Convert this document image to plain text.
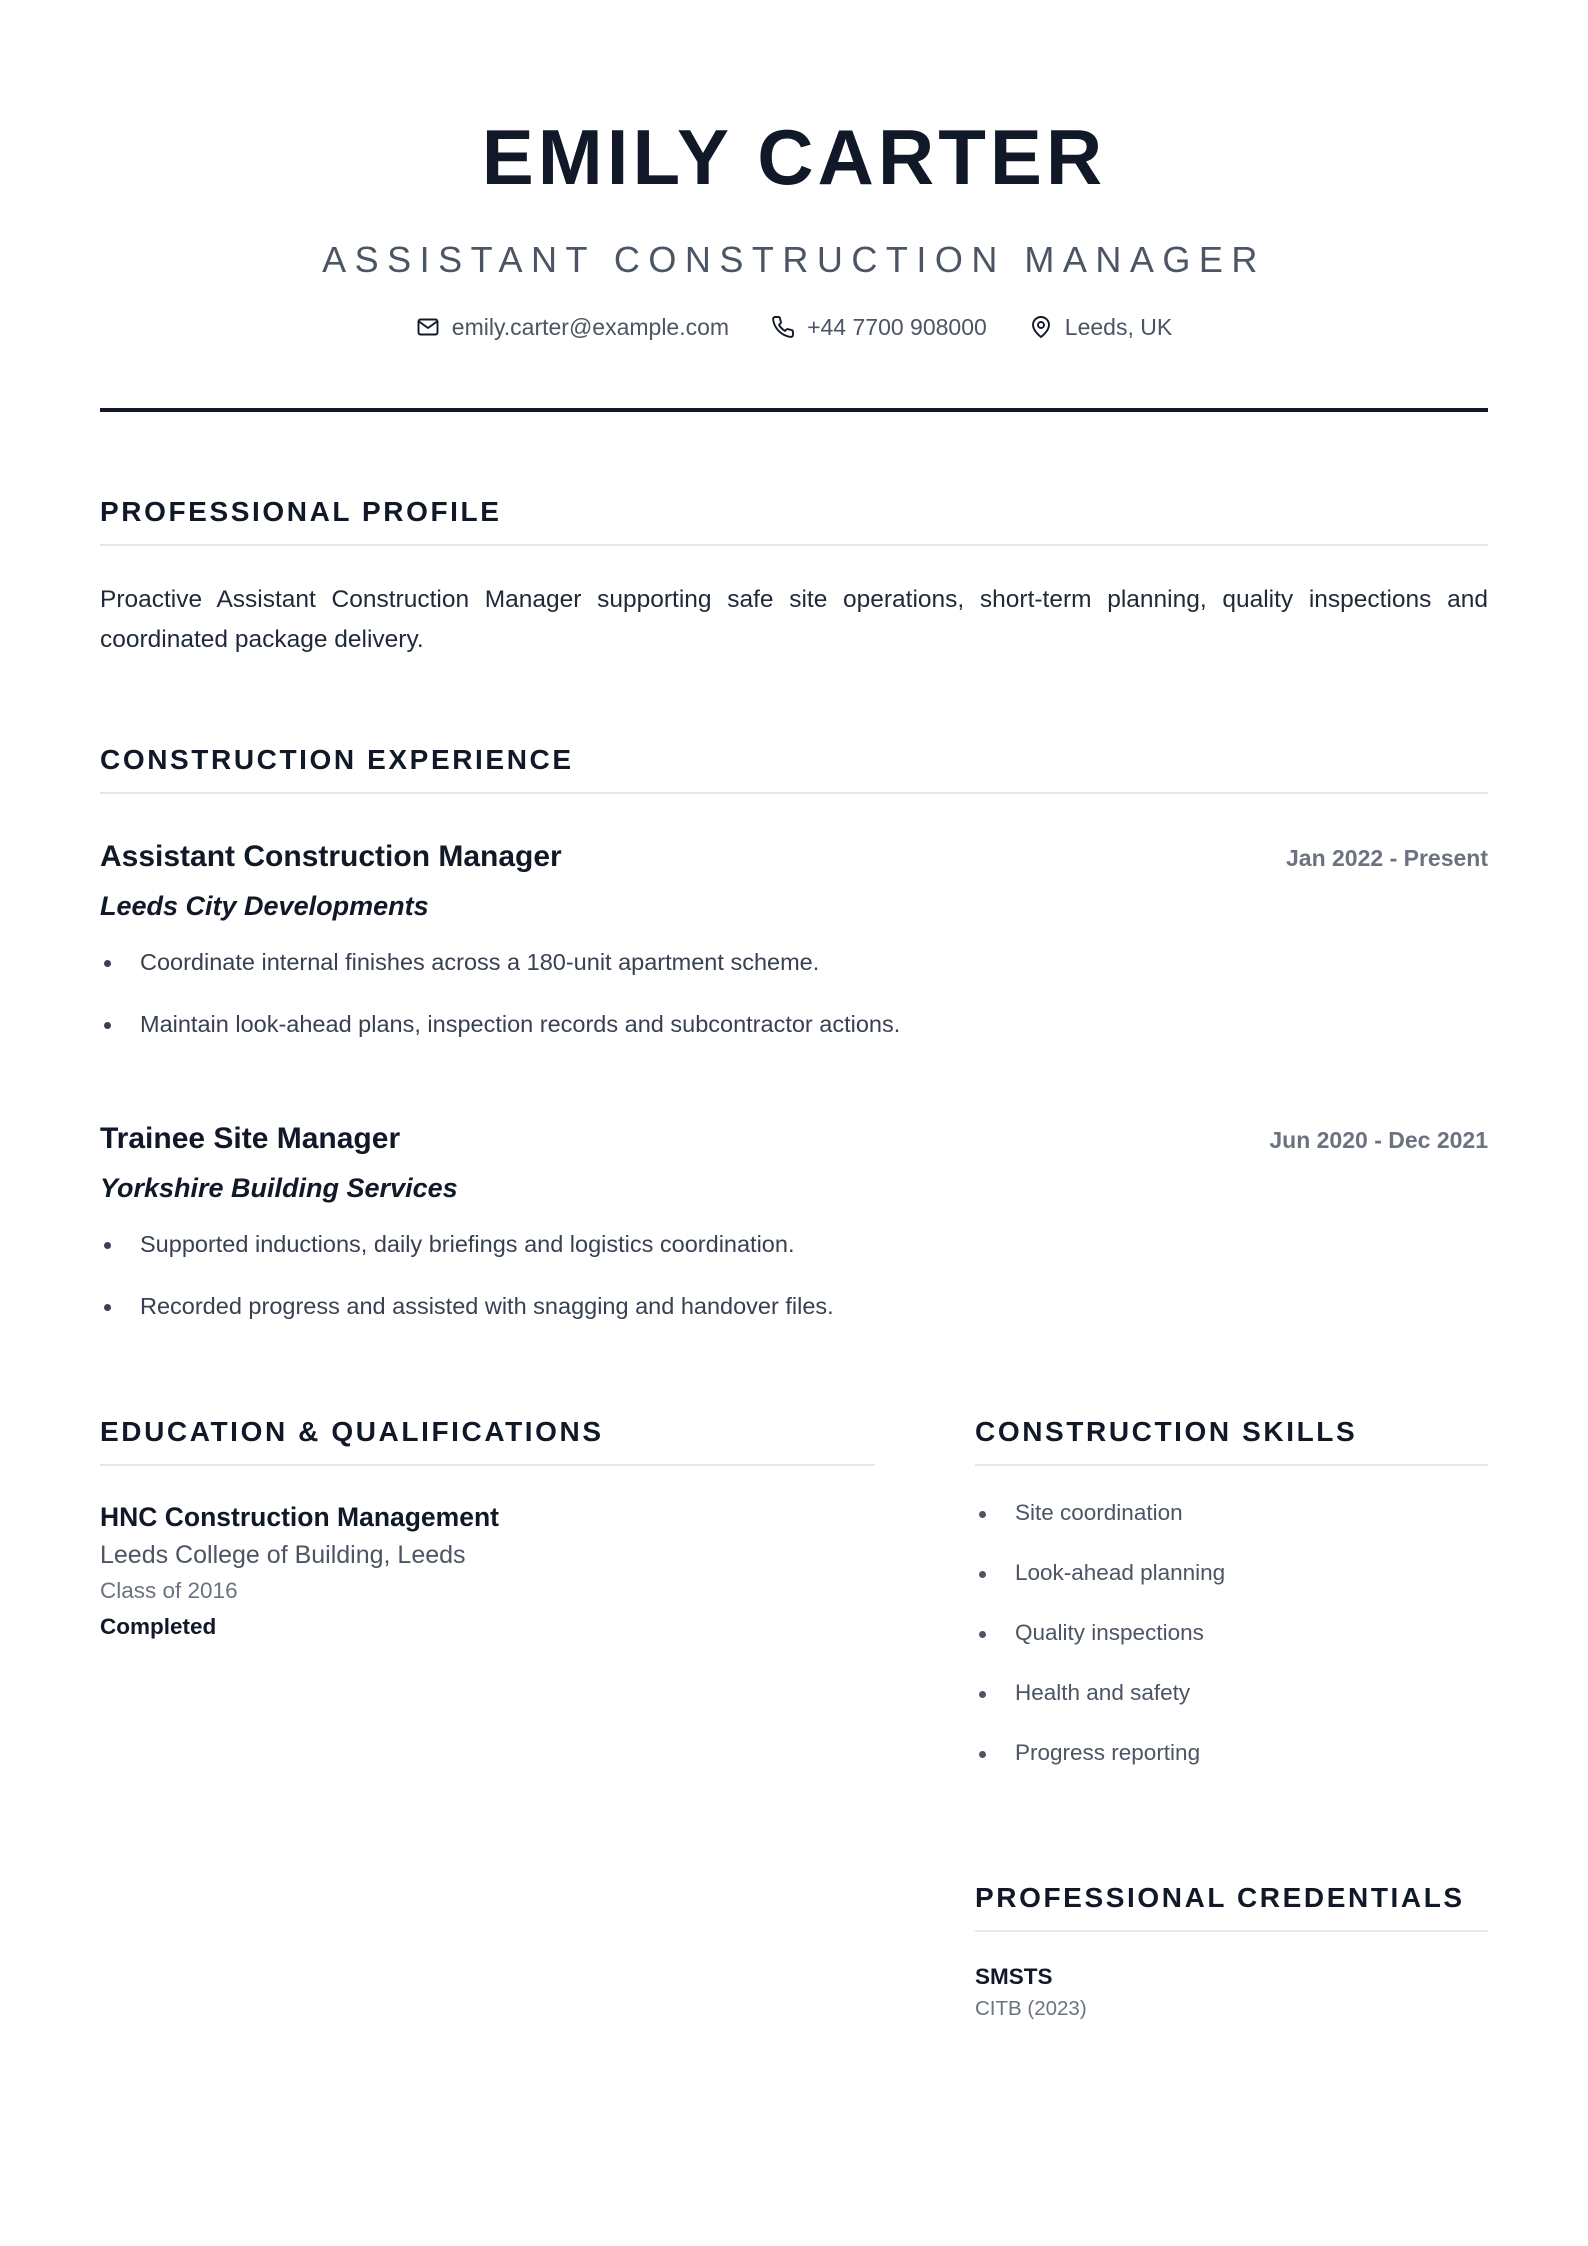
EMILY CARTER
ASSISTANT CONSTRUCTION MANAGER
emily.carter@example.com	+44 7700 908000	Leeds, UK
PROFESSIONAL PROFILE

Proactive Assistant Construction Manager supporting safe site operations, short-term planning, quality inspections and coordinated package delivery.

CONSTRUCTION EXPERIENCE
Assistant Construction Manager	Jan 2022 - Present
Leeds City Developments
Coordinate internal finishes across a 180-unit apartment scheme.
Maintain look-ahead plans, inspection records and subcontractor actions.
Trainee Site Manager	Jun 2020 - Dec 2021
Yorkshire Building Services
Supported inductions, daily briefings and logistics coordination.
Recorded progress and assisted with snagging and handover files.
EDUCATION & QUALIFICATIONS
HNC Construction Management
Leeds College of Building, Leeds
Class of 2016
Completed
CONSTRUCTION SKILLS
Site coordination
Look-ahead planning
Quality inspections
Health and safety
Progress reporting
PROFESSIONAL CREDENTIALS
SMSTS
CITB (2023)
